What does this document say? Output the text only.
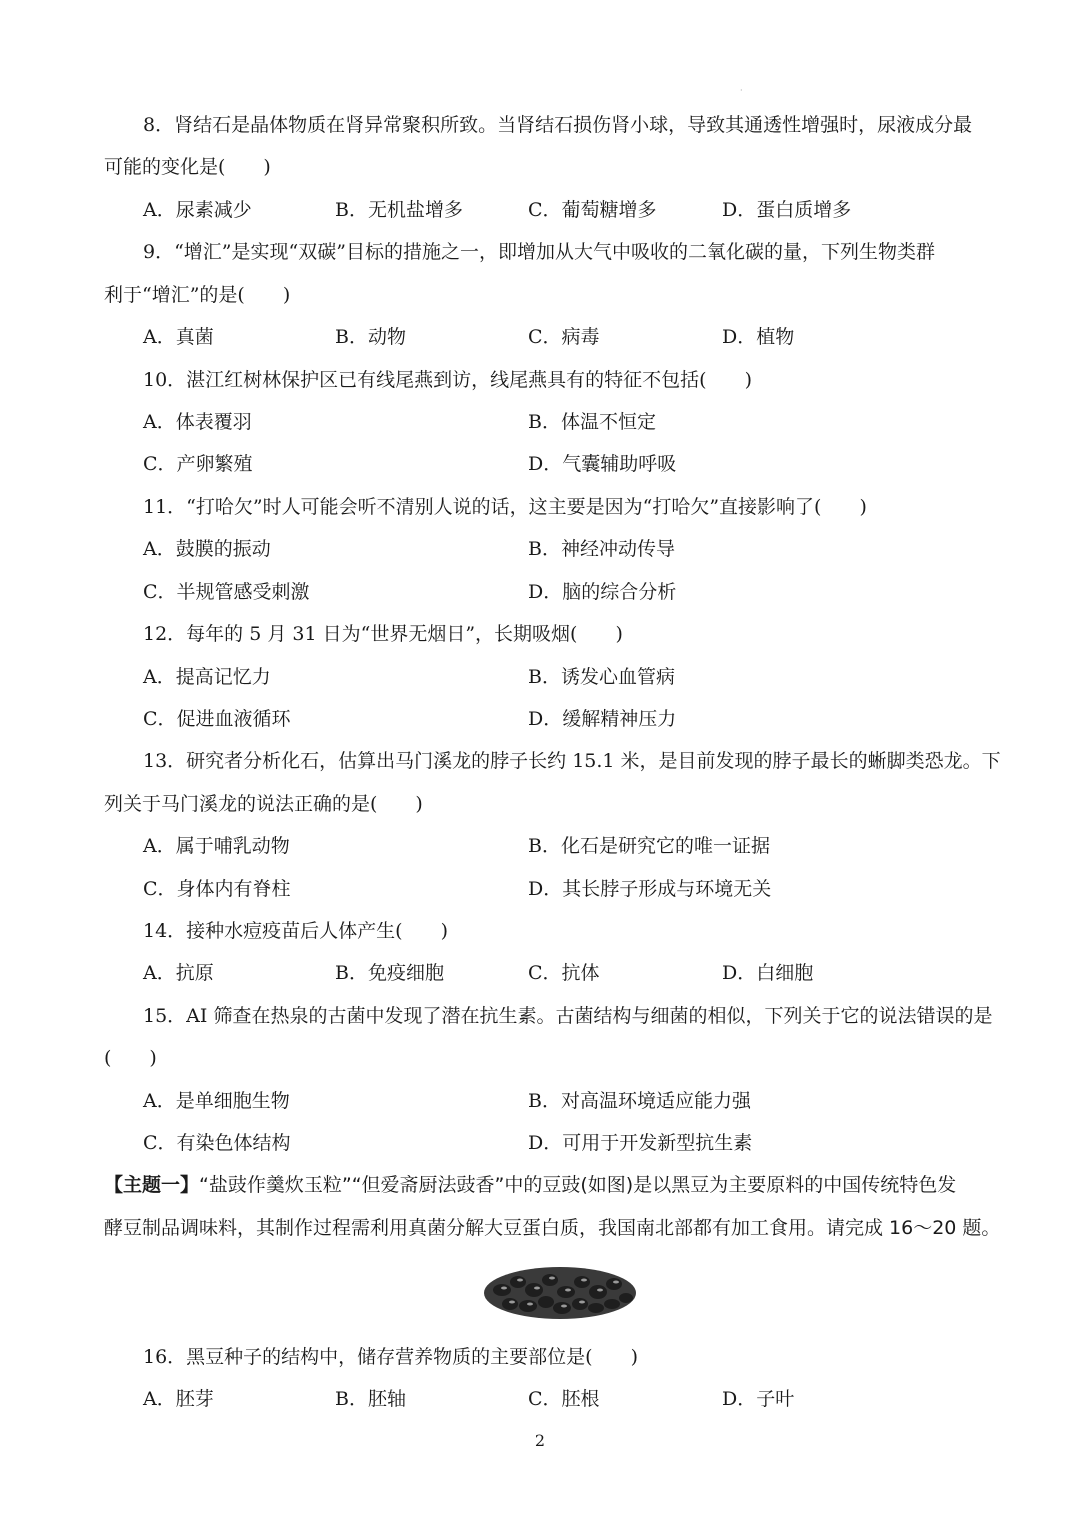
·
8．肾结石是晶体物质在肾异常聚积所致。当肾结石损伤肾小球，导致其通透性增强时，尿液成分最
可能的变化是(　　)
A．尿素减少	B．无机盐增多	C．葡萄糖增多	D．蛋白质增多
9．“增汇”是实现“双碳”目标的措施之一，即增加从大气中吸收的二氧化碳的量，下列生物类群
利于“增汇”的是(　　)
A．真菌	B．动物	C．病毒	D．植物
10．湛江红树林保护区已有线尾燕到访，线尾燕具有的特征不包括(　　)
A．体表覆羽	B．体温不恒定
C．产卵繁殖	D．气囊辅助呼吸
11．“打哈欠”时人可能会听不清别人说的话，这主要是因为“打哈欠”直接影响了(　　)
A．鼓膜的振动	B．神经冲动传导
C．半规管感受刺激	D．脑的综合分析
12．每年的 5 月 31 日为“世界无烟日”，长期吸烟(　　)
A．提高记忆力	B．诱发心血管病
C．促进血液循环	D．缓解精神压力
13．研究者分析化石，估算出马门溪龙的脖子长约 15.1 米，是目前发现的脖子最长的蜥脚类恐龙。下
列关于马门溪龙的说法正确的是(　　)
A．属于哺乳动物	B．化石是研究它的唯一证据
C．身体内有脊柱	D．其长脖子形成与环境无关
14．接种水痘疫苗后人体产生(　　)
A．抗原	B．免疫细胞	C．抗体	D．白细胞
15．AI 筛查在热泉的古菌中发现了潜在抗生素。古菌结构与细菌的相似，下列关于它的说法错误的是
(　　)
A．是单细胞生物	B．对高温环境适应能力强
C．有染色体结构	D．可用于开发新型抗生素
【主题一】“盐豉作羹炊玉粒”“但爱斋厨法豉香”中的豆豉(如图)是以黑豆为主要原料的中国传统特色发
酵豆制品调味料，其制作过程需利用真菌分解大豆蛋白质，我国南北部都有加工食用。请完成 16～20 题。
16．黑豆种子的结构中，储存营养物质的主要部位是(　　)
A．胚芽	B．胚轴	C．胚根	D．子叶
2
